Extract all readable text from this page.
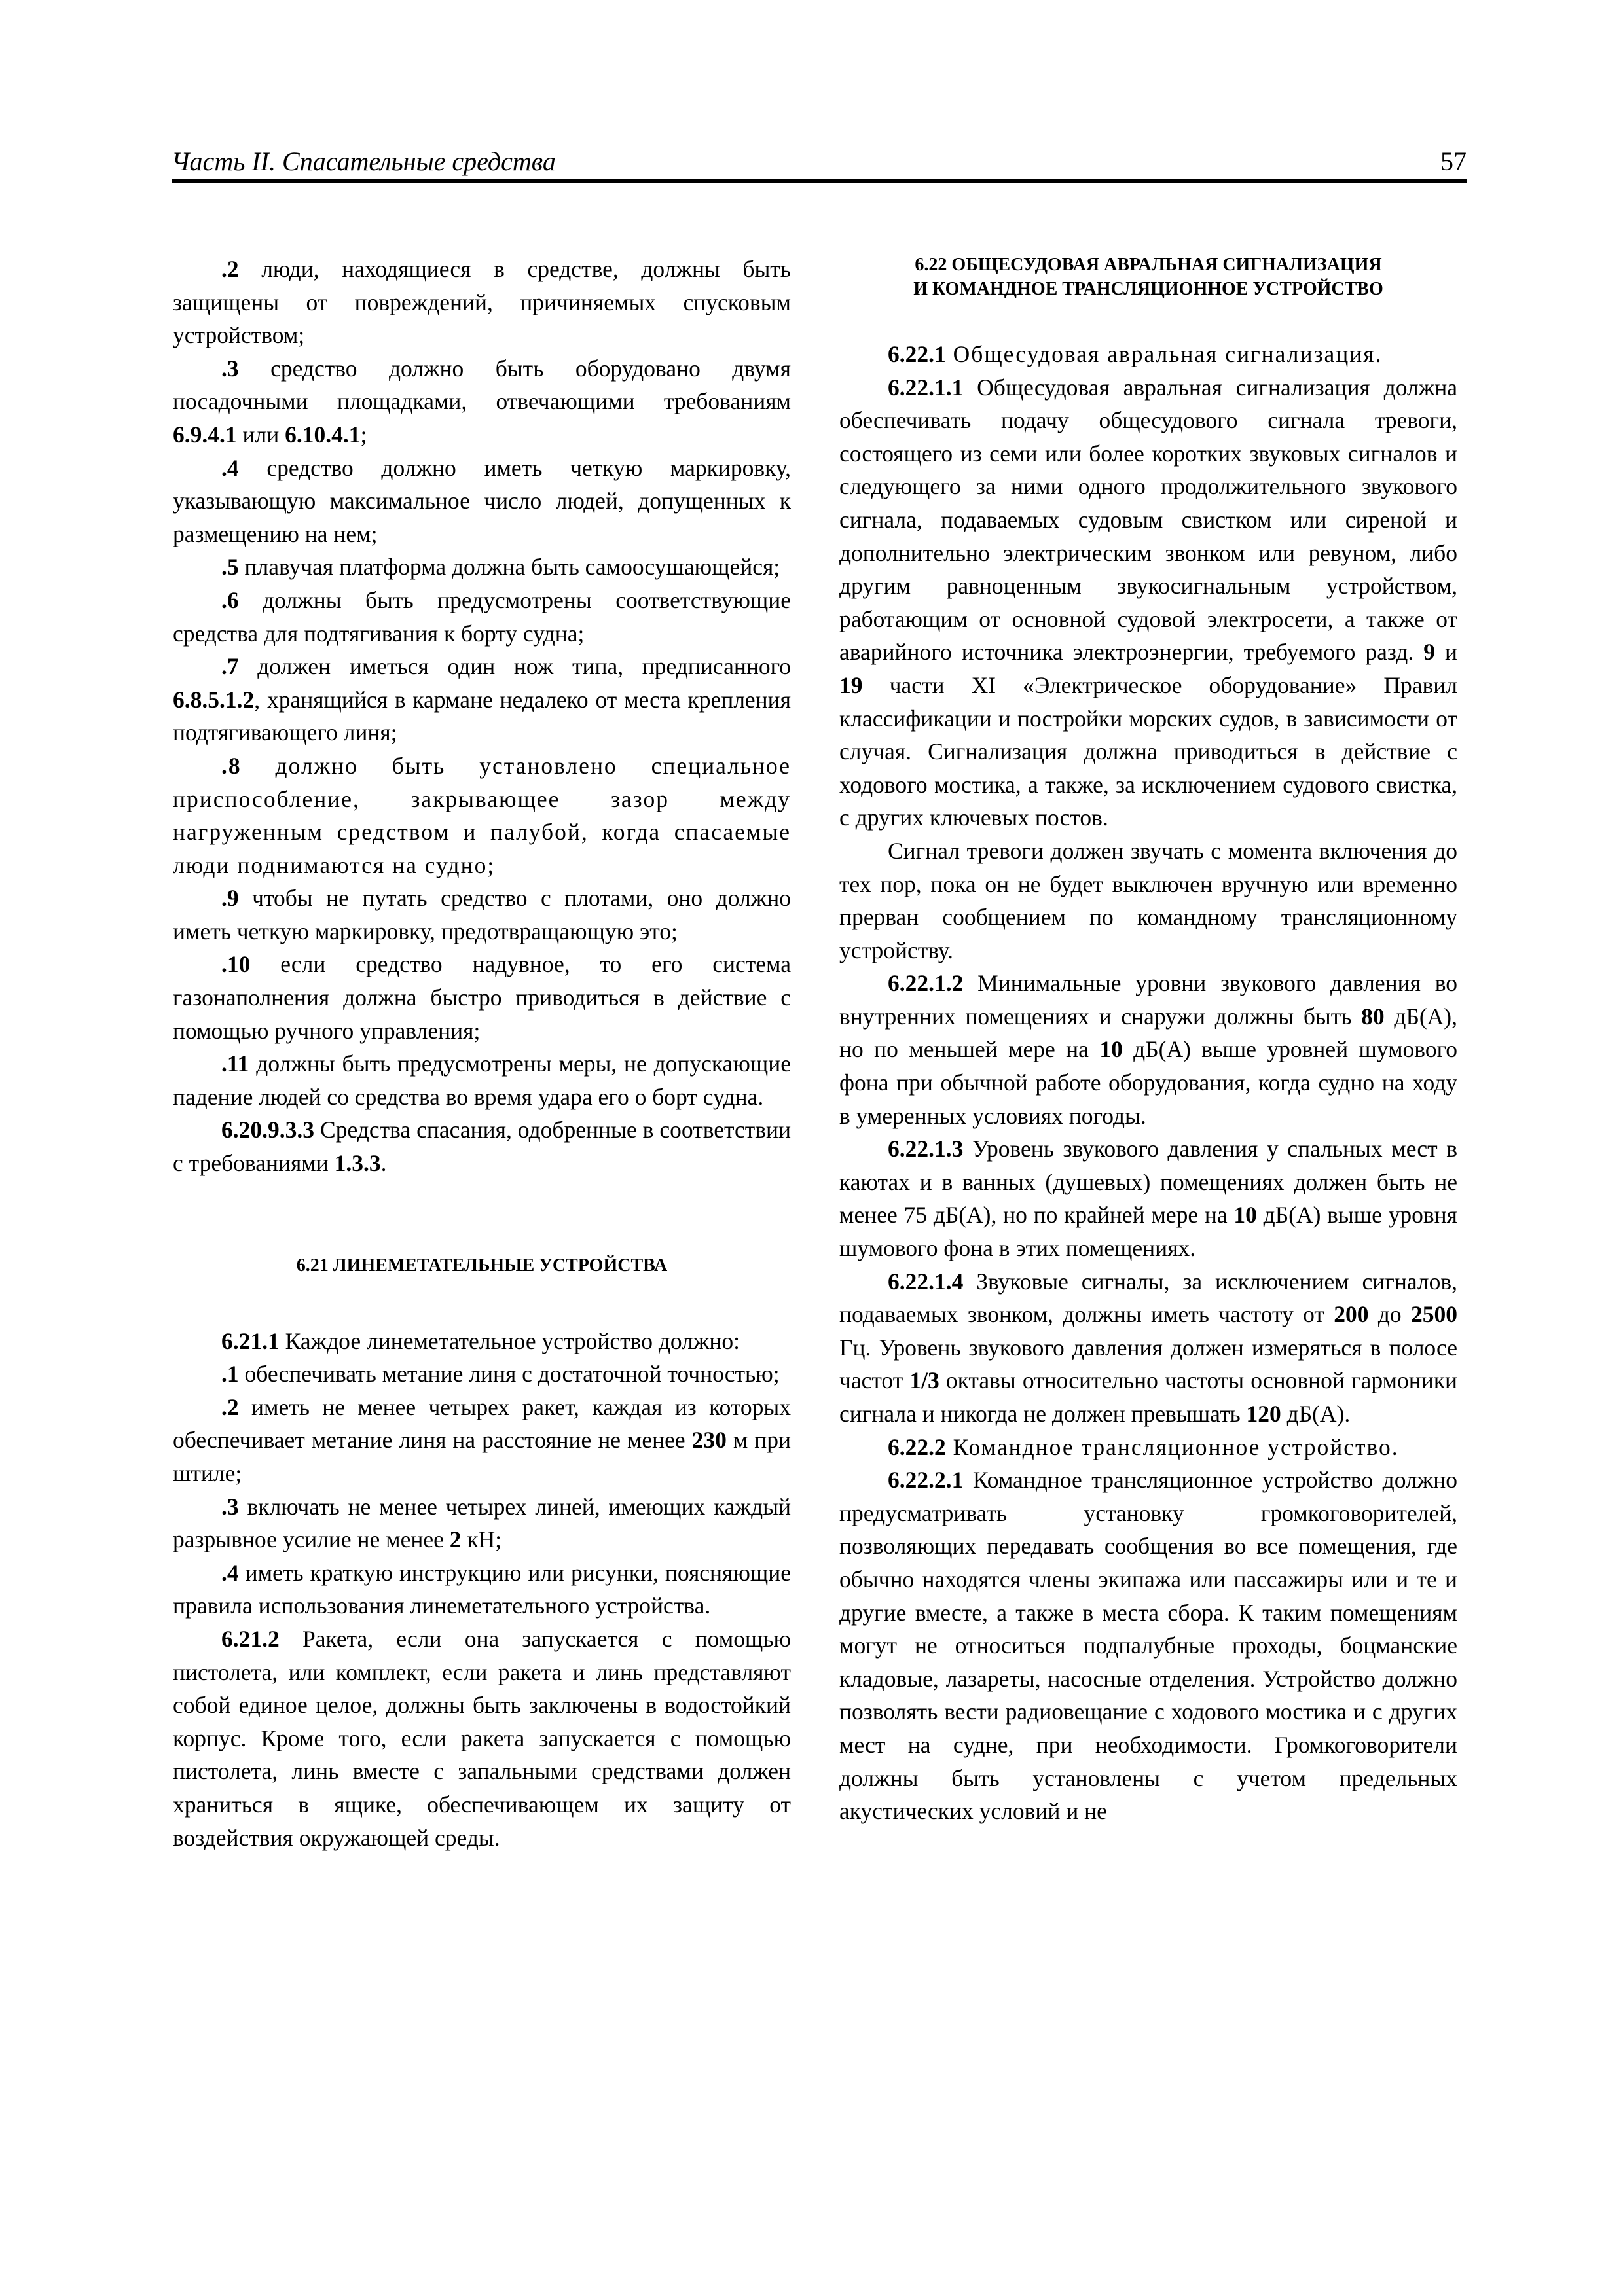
Часть II. Спасательные средства	57

.2 люди, находящиеся в средстве, должны быть защищены от повреждений, причиняемых спусковым устройством;

.3 средство должно быть оборудовано двумя посадочными площадками, отвечающими требованиям 6.9.4.1 или 6.10.4.1;

.4 средство должно иметь четкую маркировку, указывающую максимальное число людей, допущенных к размещению на нем;

.5 плавучая платформа должна быть самоосушающейся;

.6 должны быть предусмотрены соответствующие средства для подтягивания к борту судна;

.7 должен иметься один нож типа, предписанного 6.8.5.1.2, хранящийся в кармане недалеко от места крепления подтягивающего линя;

.8 должно быть установлено специальное приспособление, закрывающее зазор между нагруженным средством и палубой, когда спасаемые люди поднимаются на судно;

.9 чтобы не путать средство с плотами, оно должно иметь четкую маркировку, предотвращающую это;

.10 если средство надувное, то его система газонаполнения должна быстро приводиться в действие с помощью ручного управления;

.11 должны быть предусмотрены меры, не допускающие падение людей со средства во время удара его о борт судна.

6.20.9.3.3 Средства спасания, одобренные в соответствии с требованиями 1.3.3.

6.21 ЛИНЕМЕТАТЕЛЬНЫЕ УСТРОЙСТВА

6.21.1 Каждое линеметательное устройство должно:

.1 обеспечивать метание линя с достаточной точностью;

.2 иметь не менее четырех ракет, каждая из которых обеспечивает метание линя на расстояние не менее 230 м при штиле;

.3 включать не менее четырех линей, имеющих каждый разрывное усилие не менее 2 кН;

.4 иметь краткую инструкцию или рисунки, поясняющие правила использования линеметательного устройства.

6.21.2 Ракета, если она запускается с помощью пистолета, или комплект, если ракета и линь представляют собой единое целое, должны быть заключены в водостойкий корпус. Кроме того, если ракета запускается с помощью пистолета, линь вместе с запальными средствами должен храниться в ящике, обеспечивающем их защиту от воздействия окружающей среды.

6.22 ОБЩЕСУДОВАЯ АВРАЛЬНАЯ СИГНАЛИЗАЦИЯ
И КОМАНДНОЕ ТРАНСЛЯЦИОННОЕ УСТРОЙСТВО

6.22.1 Общесудовая авральная сигнализация.

6.22.1.1 Общесудовая авральная сигнализация должна обеспечивать подачу общесудового сигнала тревоги, состоящего из семи или более коротких звуковых сигналов и следующего за ними одного продолжительного звукового сигнала, подаваемых судовым свистком или сиреной и дополнительно электрическим звонком или ревуном, либо другим равноценным звукосигнальным устройством, работающим от основной судовой электросети, а также от аварийного источника электроэнергии, требуемого разд. 9 и 19 части XI «Электрическое оборудование» Правил классификации и постройки морских судов, в зависимости от случая. Сигнализация должна приводиться в действие с ходового мостика, а также, за исключением судового свистка, с других ключевых постов.

Сигнал тревоги должен звучать с момента включения до тех пор, пока он не будет выключен вручную или временно прерван сообщением по командному трансляционному устройству.

6.22.1.2 Минимальные уровни звукового давления во внутренних помещениях и снаружи должны быть 80 дБ(А), но по меньшей мере на 10 дБ(А) выше уровней шумового фона при обычной работе оборудования, когда судно на ходу в умеренных условиях погоды.

6.22.1.3 Уровень звукового давления у спальных мест в каютах и в ванных (душевых) помещениях должен быть не менее 75 дБ(А), но по крайней мере на 10 дБ(А) выше уровня шумового фона в этих помещениях.

6.22.1.4 Звуковые сигналы, за исключением сигналов, подаваемых звонком, должны иметь частоту от 200 до 2500 Гц. Уровень звукового давления должен измеряться в полосе частот 1/3 октавы относительно частоты основной гармоники сигнала и никогда не должен превышать 120 дБ(А).

6.22.2 Командное трансляционное устройство.

6.22.2.1 Командное трансляционное устройство должно предусматривать установку громкоговорителей, позволяющих передавать сообщения во все помещения, где обычно находятся члены экипажа или пассажиры или и те и другие вместе, а также в места сбора. К таким помещениям могут не относиться подпалубные проходы, боцманские кладовые, лазареты, насосные отделения. Устройство должно позволять вести радиовещание с ходового мостика и с других мест на судне, при необходимости. Громкоговорители должны быть установлены с учетом предельных акустических условий и не
